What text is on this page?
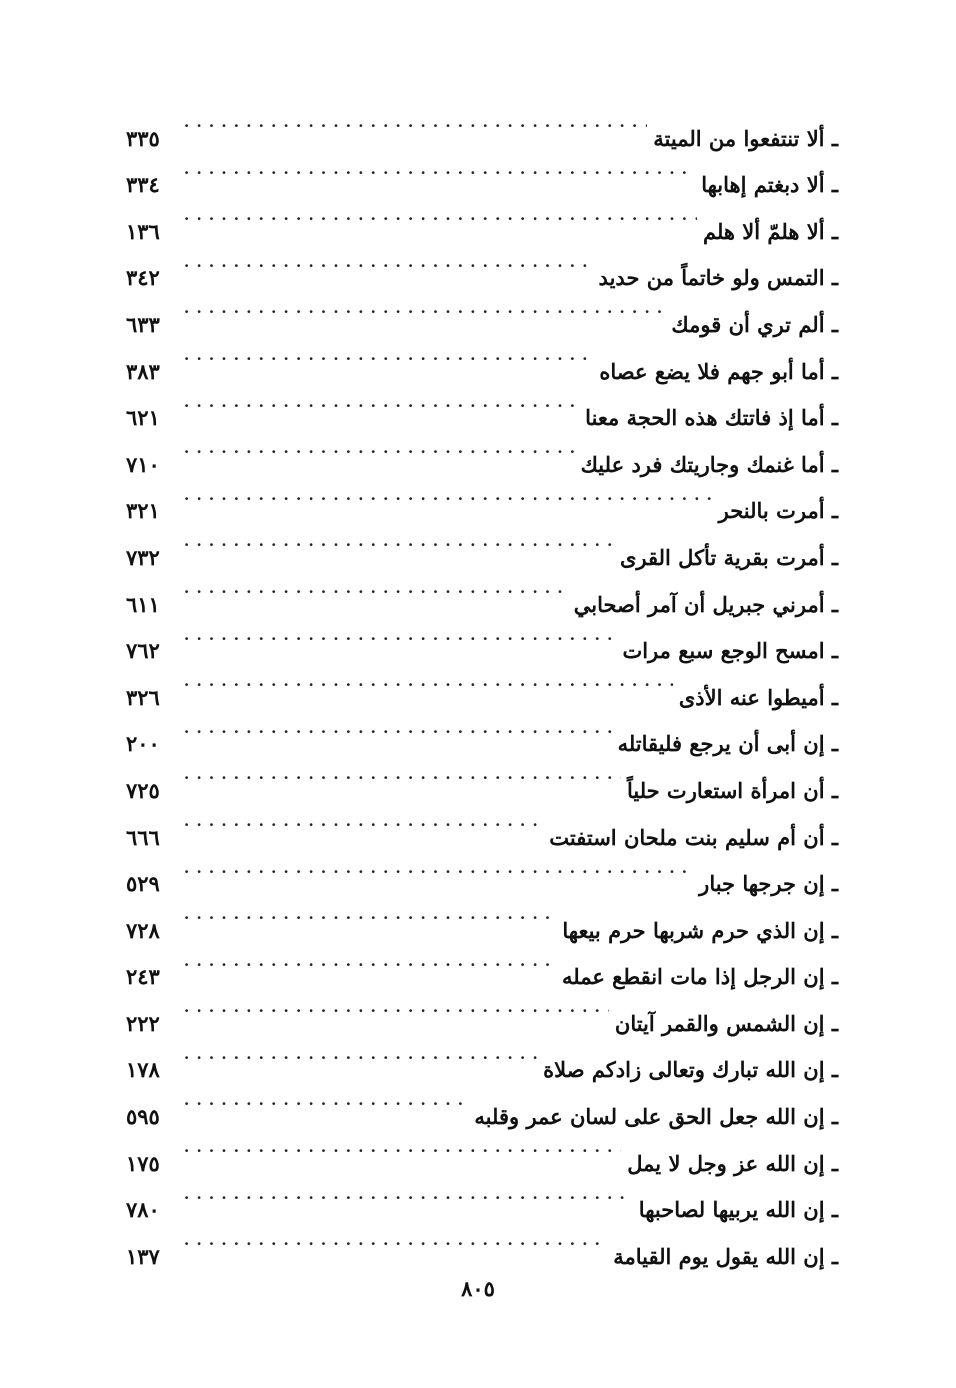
ـ ألا تنتفعوا من الميتة
. . .
٣٣٥
ـ ألا دبغتم إهابها
. . .
٣٣٤
ـ ألا هلمّ ألا هلم
. . .
١٣٦
ـ التمس ولو خاتماً من حديد
. . .
٣٤٢
ـ ألم تري أن قومك
. . .
٦٣٣
ـ أما أبو جهم فلا يضع عصاه
. . .
٣٨٣
ـ أما إذ فاتتك هذه الحجة معنا
. . .
٦٢١
ـ أما غنمك وجاريتك فرد عليك
. . .
٧١٠
ـ أمرت بالنحر
. . .
٣٢١
ـ أمرت بقرية تأكل القرى
. . .
٧٣٢
ـ أمرني جبريل أن آمر أصحابي
. . .
٦١١
ـ امسح الوجع سبع مرات
. . .
٧٦٢
ـ أميطوا عنه الأذى
. . .
٣٢٦
ـ إن أبى أن يرجع فليقاتله
. . .
٢٠٠
ـ أن امرأة استعارت حلياً
. . .
٧٢٥
ـ أن أم سليم بنت ملحان استفتت
. . .
٦٦٦
ـ إن جرجها جبار
. . .
٥٢٩
ـ إن الذي حرم شربها حرم بيعها
. . .
٧٢٨
ـ إن الرجل إذا مات انقطع عمله
. . .
٢٤٣
ـ إن الشمس والقمر آيتان
. . .
٢٢٢
ـ إن الله تبارك وتعالى زادكم صلاة
. . .
١٧٨
ـ إن الله جعل الحق على لسان عمر وقلبه
. . .
٥٩٥
ـ إن الله عز وجل لا يمل
. . .
١٧٥
ـ إن الله يربيها لصاحبها
. . .
٧٨٠
ـ إن الله يقول يوم القيامة
. . .
١٣٧
٨٠٥
